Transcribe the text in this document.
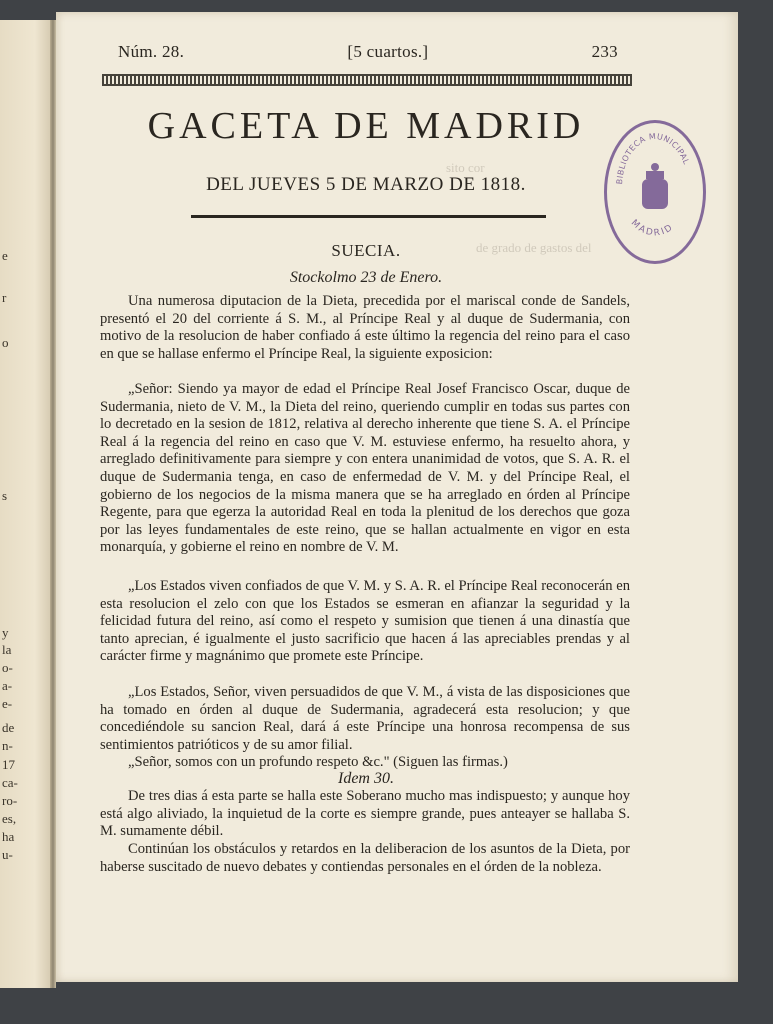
e
r
o
s
y
la
o-
a-
e-
de
n-
17
ca-
ro-
es,
ha
u-
Núm. 28.	[5 cuartos.]	233
GACETA DE MADRID
DEL JUEVES 5 DE MARZO DE 1818.	BIBLIOTECA MUNICIPAL
MADRID
sito cor
de grado de gastos del
SUECIA.
Stockolmo 23 de Enero.

Una numerosa diputacion de la Dieta, precedida por el mariscal conde de Sandels, presentó el 20 del corriente á S. M., al Príncipe Real y al duque de Sudermania, con motivo de la resolucion de haber confiado á este último la regencia del reino para el caso en que se hallase enfermo el Príncipe Real, la siguiente exposicion:

„Señor: Siendo ya mayor de edad el Príncipe Real Josef Francisco Oscar, duque de Sudermania, nieto de V. M., la Dieta del reino, queriendo cumplir en todas sus partes con lo decretado en la sesion de 1812, relativa al derecho inherente que tiene S. A. el Príncipe Real á la regencia del reino en caso que V. M. estuviese enfermo, ha resuelto ahora, y arreglado definitivamente para siempre y con entera unanimidad de votos, que S. A. R. el duque de Sudermania tenga, en caso de enfermedad de V. M. y del Príncipe Real, el gobierno de los negocios de la misma manera que se ha arreglado en órden al Príncipe Regente, para que egerza la autoridad Real en toda la plenitud de los derechos que goza por las leyes fundamentales de este reino, que se hallan actualmente en vigor en esta monarquía, y gobierne el reino en nombre de V. M.

„Los Estados viven confiados de que V. M. y S. A. R. el Príncipe Real reconocerán en esta resolucion el zelo con que los Estados se esmeran en afianzar la seguridad y la felicidad futura del reino, así como el respeto y sumision que tienen á una dinastía que tanto aprecian, é igualmente el justo sacrificio que hacen á las apreciables prendas y al carácter firme y magnánimo que promete este Príncipe.

„Los Estados, Señor, viven persuadidos de que V. M., á vista de las disposiciones que ha tomado en órden al duque de Sudermania, agradecerá esta resolucion; y que concediéndole su sancion Real, dará á este Príncipe una honrosa recompensa de sus sentimientos patrióticos y de su amor filial.

„Señor, somos con un profundo respeto &c." (Siguen las firmas.)

Idem 30.

De tres dias á esta parte se halla este Soberano mucho mas indispuesto; y aunque hoy está algo aliviado, la inquietud de la corte es siempre grande, pues anteayer se hallaba S. M. sumamente débil.

Continúan los obstáculos y retardos en la deliberacion de los asuntos de la Dieta, por haberse suscitado de nuevo debates y contiendas personales en el órden de la nobleza.
